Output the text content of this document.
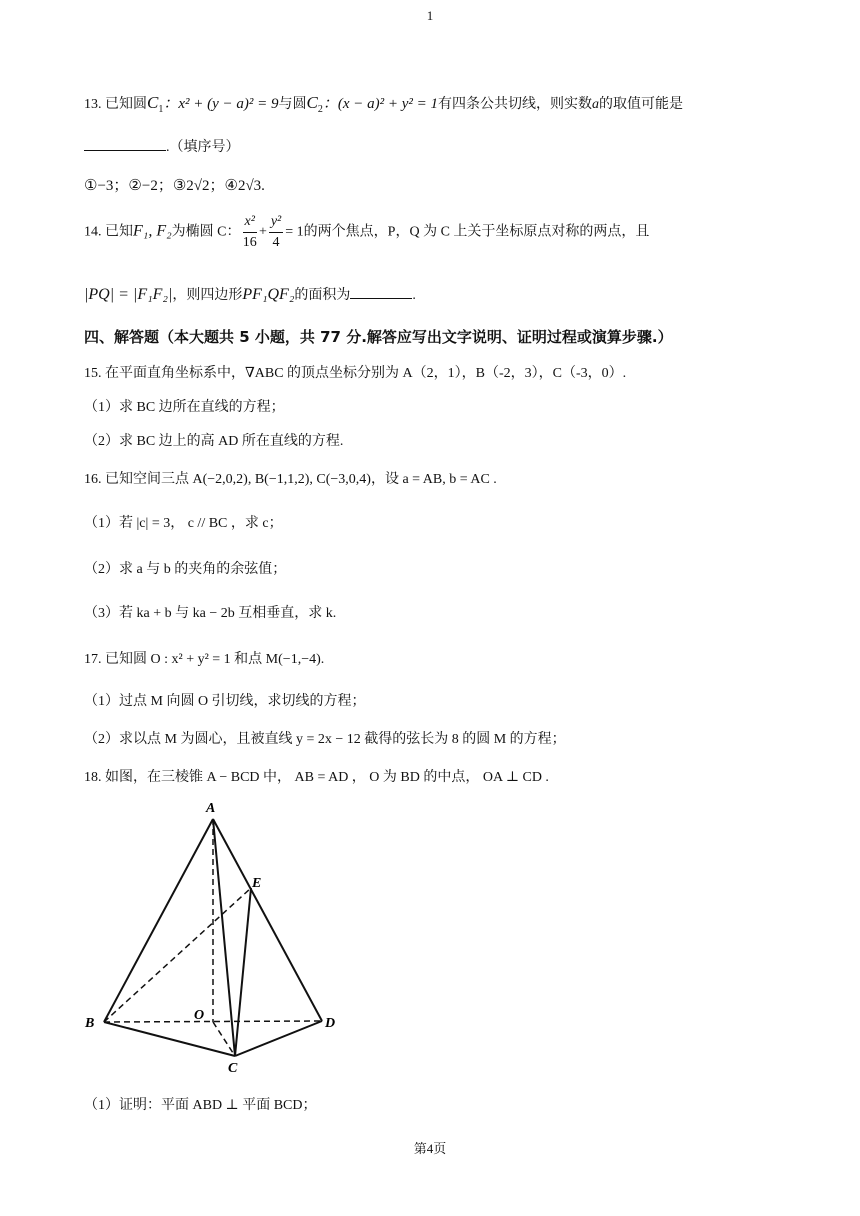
1
13. 已知圆$C_1$：x² + (y − a)² = 9与圆$C_2$：(x − a)² + y² = 1有四条公共切线，则实数a的取值可能是
.（填序号）
①−3；②−2；③2√2；④2√3.
14. 已知F₁, F₂为椭圆 C： $\frac{\text{x²}}{16} + \frac{\text{y²}}{4} = 1$的两个焦点，P，Q 为 C 上关于坐标原点对称的两点，且
|PQ| = |F₁F₂|，则四边形PF₁QF₂的面积为	.
四、解答题（本大题共 5 小题，共 77 分.解答应写出文字说明、证明过程或演算步骤.）
15. 在平面直角坐标系中，∇ABC 的顶点坐标分别为 A（2，1），B（-2，3），C（-3，0）.
（1）求 BC 边所在直线的方程；
（2）求 BC 边上的高 AD 所在直线的方程.
16. 已知空间三点 A(−2,0,2), B(−1,1,2), C(−3,0,4)，设 a = AB, b = AC .
（1）若 |c| = 3， c // BC ，求 c；
（2）求 a 与 b 的夹角的余弦值；
（3）若 ka + b 与 ka − 2b 互相垂直，求 k.
17. 已知圆 O : x² + y² = 1 和点 M(−1,−4).
（1）过点 M 向圆 O 引切线，求切线的方程；
（2）求以点 M 为圆心，且被直线 y = 2x − 12 截得的弦长为 8 的圆 M 的方程；
18. 如图，在三棱锥 A − BCD 中， AB = AD ， O 为 BD 的中点， OA ⊥ CD .
A
E
O
B	D
C
（1）证明：平面 ABD ⊥ 平面 BCD；
第4页
